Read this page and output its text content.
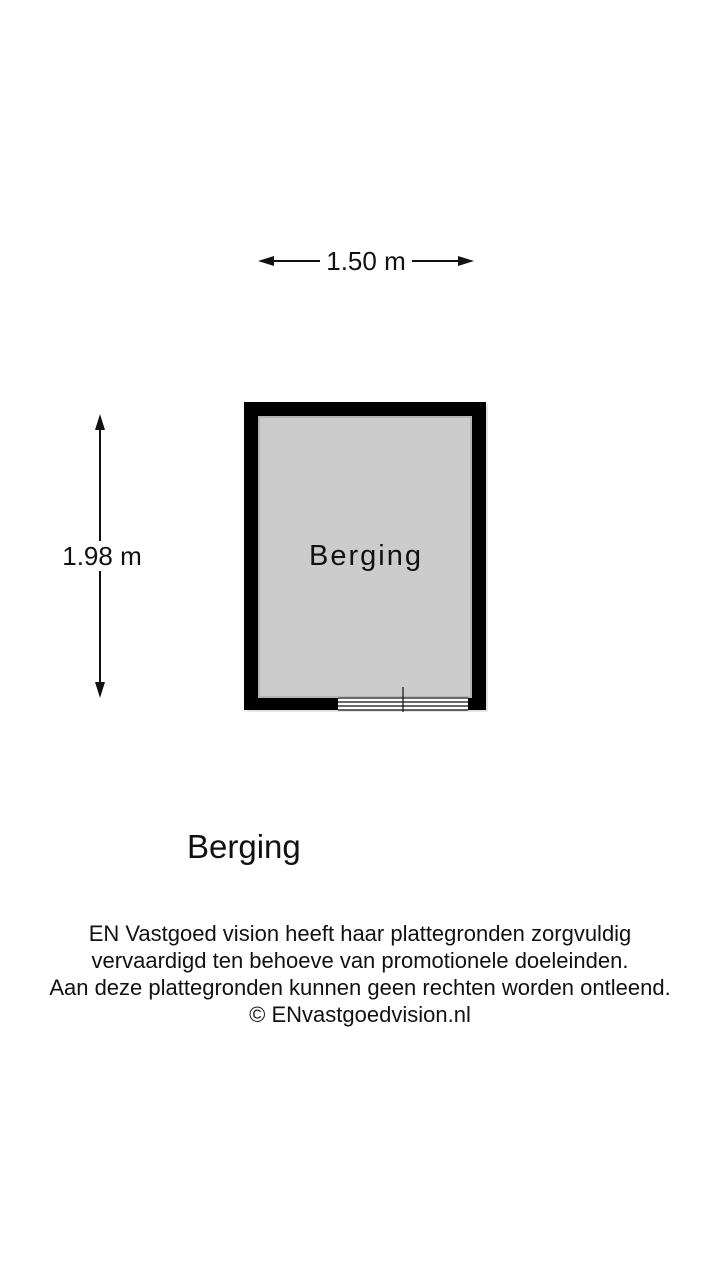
1.50 m
1.98 m	Berging
Berging
EN Vastgoed vision heeft haar plattegronden zorgvuldig
vervaardigd ten behoeve van promotionele doeleinden.
Aan deze plattegronden kunnen geen rechten worden ontleend.
© ENvastgoedvision.nl
